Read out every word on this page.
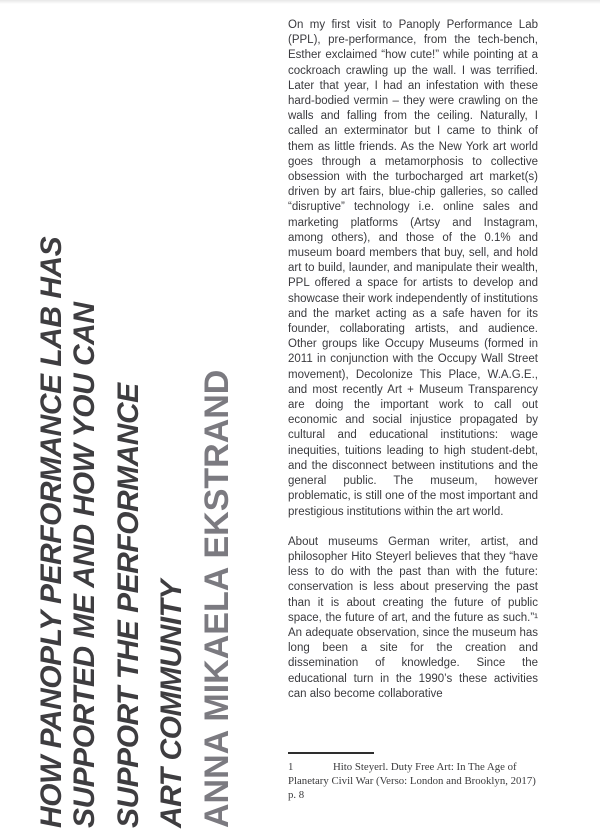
ANNA MIKAELA EKSTRAND
HOW PANOPLY PERFORMANCE LAB HAS SUPPORTED ME AND HOW YOU CAN SUPPORT THE PERFORMANCE ART COMMUNITY

On my first visit to Panoply Performance Lab (PPL), pre-performance, from the tech-bench, Esther exclaimed “how cute!” while pointing at a cockroach crawling up the wall. I was terrified. Later that year, I had an infestation with these hard-bodied vermin – they were crawling on the walls and falling from the ceiling. Naturally, I called an exterminator but I came to think of them as little friends. As the New York art world goes through a metamorphosis to collective obsession with the turbocharged art market(s) driven by art fairs, blue-chip galleries, so called “disruptive” technology i.e. online sales and marketing platforms (Artsy and Instagram, among others), and those of the 0.1% and museum board members that buy, sell, and hold art to build, launder, and manipulate their wealth, PPL offered a space for artists to develop and showcase their work independently of institutions and the market acting as a safe haven for its founder, collaborating artists, and audience. Other groups like Occupy Museums (formed in 2011 in conjunction with the Occupy Wall Street movement), Decolonize This Place, W.A.G.E., and most recently Art + Museum Transparency are doing the important work to call out economic and social injustice propagated by cultural and educational institutions: wage inequities, tuitions leading to high student-debt, and the disconnect between institutions and the general public. The museum, however problematic, is still one of the most important and prestigious institutions within the art world.

About museums German writer, artist, and philosopher Hito Steyerl believes that they “have less to do with the past than with the future: conservation is less about preserving the past than it is about creating the future of public space, the future of art, and the future as such.”¹ An adequate observation, since the museum has long been a site for the creation and dissemination of knowledge. Since the educational turn in the 1990’s these activities can also become collaborative

1	Hito Steyerl. Duty Free Art: In The Age of
Planetary Civil War (Verso: London and Brooklyn, 2017)
p. 8
